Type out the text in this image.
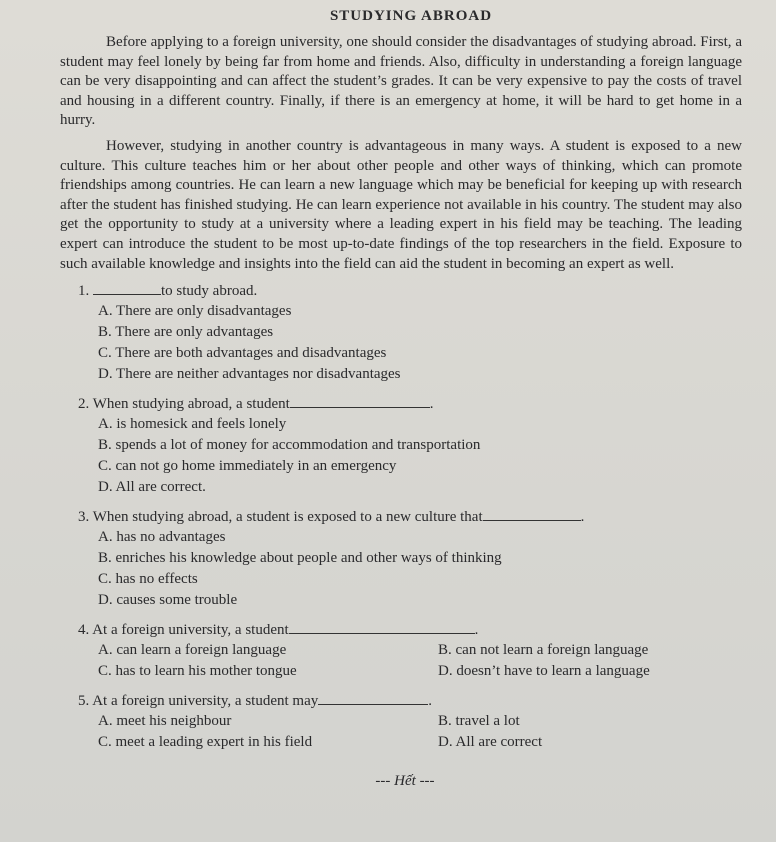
STUDYING ABROAD

Before applying to a foreign university, one should consider the disadvantages of studying abroad. First, a student may feel lonely by being far from home and friends. Also, difficulty in understanding a foreign language can be very disappointing and can affect the student’s grades. It can be very expensive to pay the costs of travel and housing in a different country. Finally, if there is an emergency at home, it will be hard to get home in a hurry.

However, studying in another country is advantageous in many ways. A student is exposed to a new culture. This culture teaches him or her about other people and other ways of thinking, which can promote friendships among countries. He can learn a new language which may be beneficial for keeping up with research after the student has finished studying. He can learn experience not available in his country. The student may also get the opportunity to study at a university where a leading expert in his field may be teaching. The leading expert can introduce the student to be most up-to-date findings of the top researchers in the field. Exposure to such available knowledge and insights into the field can aid the student in becoming an expert as well.

1.	to study abroad.
A. There are only disadvantages
B. There are only advantages
C. There are both advantages and disadvantages
D. There are neither advantages nor disadvantages
2. When studying abroad, a student	.
A. is homesick and feels lonely
B. spends a lot of money for accommodation and transportation
C. can not go home immediately in an emergency
D. All are correct.
3. When studying abroad, a student is exposed to a new culture that	.
A. has no advantages
B. enriches his knowledge about people and other ways of thinking
C. has no effects
D. causes some trouble
4. At a foreign university, a student	.
A. can learn a foreign language	B. can not learn a foreign language
C. has to learn his mother tongue	D. doesn’t have to learn a language
5. At a foreign university, a student may	.
A. meet his neighbour	B. travel a lot
C. meet a leading expert in his field	D. All are correct
--- Hết ---
